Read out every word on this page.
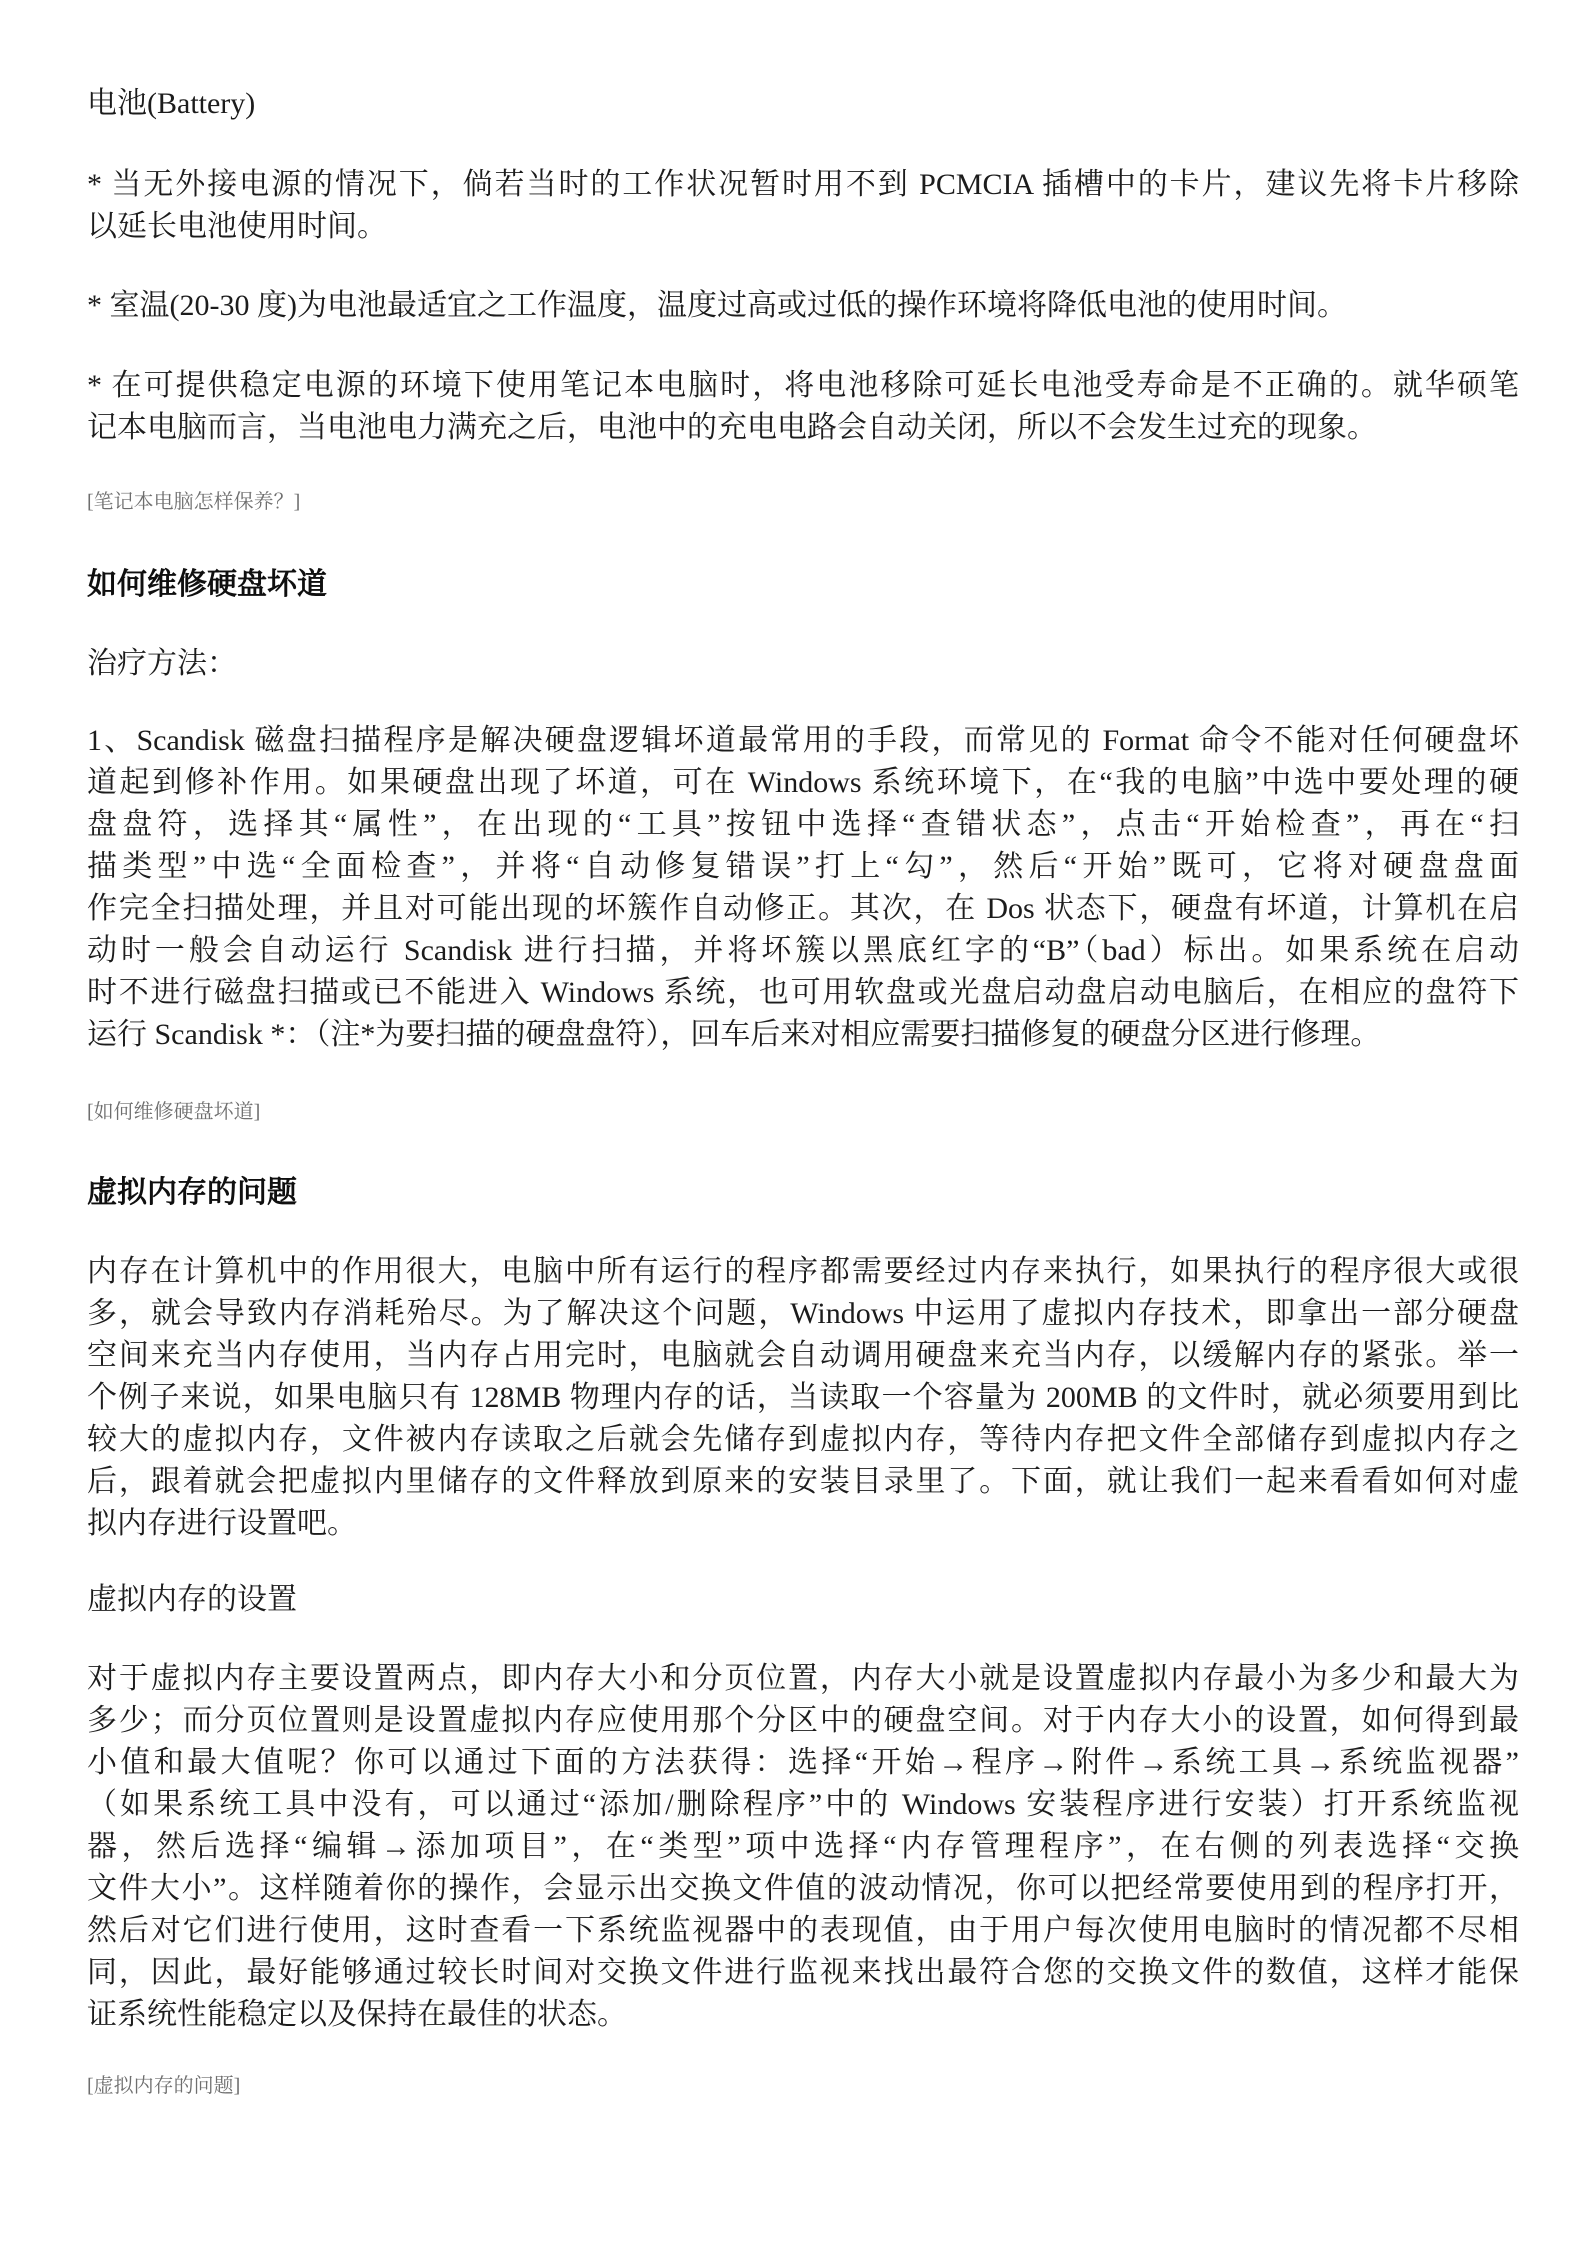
电池(Battery)
* 当无外接电源的情况下，倘若当时的工作状况暂时用不到 PCMCIA 插槽中的卡片，建议先将卡片移除
以延长电池使用时间。
* 室温(20-30 度)为电池最适宜之工作温度，温度过高或过低的操作环境将降低电池的使用时间。
* 在可提供稳定电源的环境下使用笔记本电脑时，将电池移除可延长电池受寿命是不正确的。就华硕笔
记本电脑而言，当电池电力满充之后，电池中的充电电路会自动关闭，所以不会发生过充的现象。
[笔记本电脑怎样保养？]
如何维修硬盘坏道
治疗方法：
1、Scandisk 磁盘扫描程序是解决硬盘逻辑坏道最常用的手段，而常见的 Format 命令不能对任何硬盘坏
道起到修补作用。如果硬盘出现了坏道，可在 Windows 系统环境下，在“我的电脑”中选中要处理的硬
盘盘符，选择其“属性”，在出现的“工具”按钮中选择“查错状态”，点击“开始检查”，再在“扫
描类型”中选“全面检查”，并将“自动修复错误”打上“勾”，然后“开始”既可，它将对硬盘盘面
作完全扫描处理，并且对可能出现的坏簇作自动修正。其次，在 Dos 状态下，硬盘有坏道，计算机在启
动时一般会自动运行 Scandisk 进行扫描，并将坏簇以黑底红字的“B”（bad）标出。如果系统在启动
时不进行磁盘扫描或已不能进入 Windows 系统，也可用软盘或光盘启动盘启动电脑后，在相应的盘符下
运行 Scandisk *：（注*为要扫描的硬盘盘符），回车后来对相应需要扫描修复的硬盘分区进行修理。
[如何维修硬盘坏道]
虚拟内存的问题
内存在计算机中的作用很大，电脑中所有运行的程序都需要经过内存来执行，如果执行的程序很大或很
多，就会导致内存消耗殆尽。为了解决这个问题，Windows 中运用了虚拟内存技术，即拿出一部分硬盘
空间来充当内存使用，当内存占用完时，电脑就会自动调用硬盘来充当内存，以缓解内存的紧张。举一
个例子来说，如果电脑只有 128MB 物理内存的话，当读取一个容量为 200MB 的文件时，就必须要用到比
较大的虚拟内存，文件被内存读取之后就会先储存到虚拟内存，等待内存把文件全部储存到虚拟内存之
后，跟着就会把虚拟内里储存的文件释放到原来的安装目录里了。下面，就让我们一起来看看如何对虚
拟内存进行设置吧。
虚拟内存的设置
对于虚拟内存主要设置两点，即内存大小和分页位置，内存大小就是设置虚拟内存最小为多少和最大为
多少；而分页位置则是设置虚拟内存应使用那个分区中的硬盘空间。对于内存大小的设置，如何得到最
小值和最大值呢？你可以通过下面的方法获得：选择“开始→程序→附件→系统工具→系统监视器”
（如果系统工具中没有，可以通过“添加/删除程序”中的 Windows 安装程序进行安装）打开系统监视
器，然后选择“编辑→添加项目”，在“类型”项中选择“内存管理程序”，在右侧的列表选择“交换
文件大小”。这样随着你的操作，会显示出交换文件值的波动情况，你可以把经常要使用到的程序打开，
然后对它们进行使用，这时查看一下系统监视器中的表现值，由于用户每次使用电脑时的情况都不尽相
同，因此，最好能够通过较长时间对交换文件进行监视来找出最符合您的交换文件的数值，这样才能保
证系统性能稳定以及保持在最佳的状态。
[虚拟内存的问题]
